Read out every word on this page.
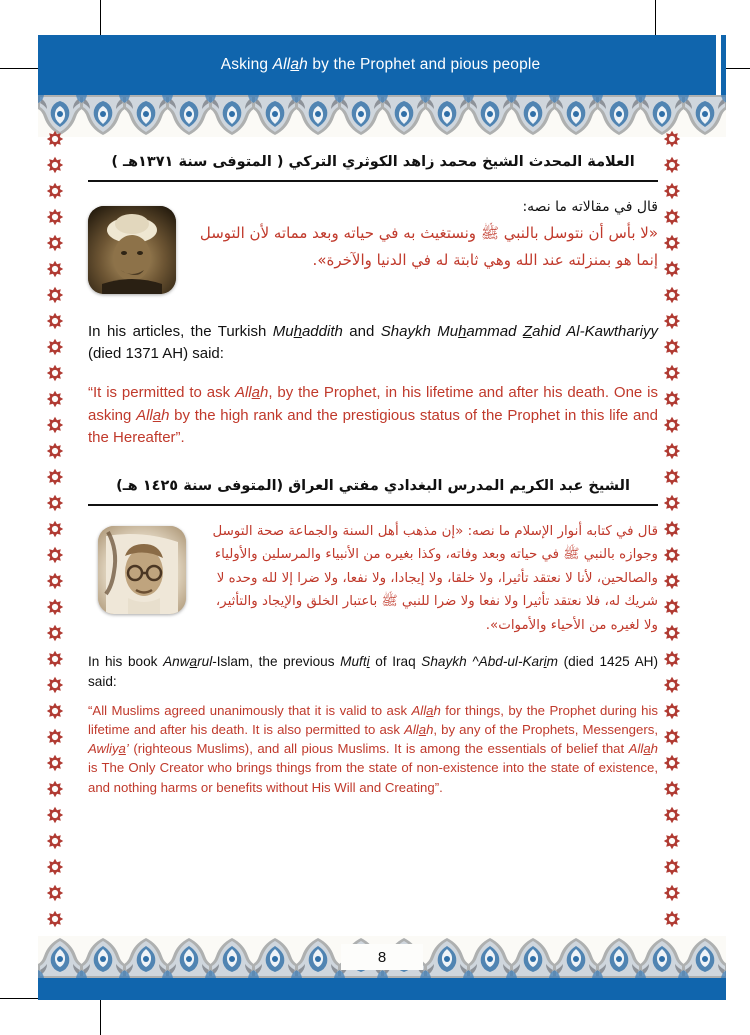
Asking Allah by the Prophet and pious people
العلامة المحدث الشيخ محمد زاهد الكوثري التركي ( المتوفى سنة ١٣٧١هـ )
قال في مقالاته ما نصه:
«لا بأس أن نتوسل بالنبي ﷺ ونستغيث به في حياته وبعد مماته لأن التوسل إنما هو بمنزلته عند الله وهي ثابتة له في الدنيا والآخرة».
In his articles, the Turkish Muhaddith and Shaykh Muhammad Zahid Al-Kawthariyy (died 1371 AH) said:
“It is permitted to ask Allah, by the Prophet, in his lifetime and after his death. One is asking Allah by the high rank and the prestigious status of the Prophet in this life and the Hereafter”.
الشيخ عبد الكريم المدرس البغدادي مفتي العراق (المتوفى سنة ١٤٢٥ هـ)
قال في كتابه أنوار الإسلام ما نصه: «إن مذهب أهل السنة والجماعة صحة التوسل وجوازه بالنبي ﷺ في حياته وبعد وفاته، وكذا بغيره من الأنبياء والمرسلين والأولياء والصالحين، لأنا لا نعتقد تأثيرا، ولا خلقا، ولا إيجادا، ولا نفعا، ولا ضرا إلا لله وحده لا شريك له، فلا نعتقد تأثيرا ولا نفعا ولا ضرا للنبي ﷺ باعتبار الخلق والإيجاد والتأثير، ولا لغيره من الأحياء والأموات».
In his book Anwarul-Islam, the previous Mufti of Iraq Shaykh ^Abd-ul-Karim (died 1425 AH) said:
“All Muslims agreed unanimously that it is valid to ask Allah for things, by the Prophet during his lifetime and after his death. It is also permitted to ask Allah, by any of the Prophets, Messengers, Awliya’ (righteous Muslims), and all pious Muslims. It is among the essentials of belief that Allah is The Only Creator who brings things from the state of non-existence into the state of existence, and nothing harms or benefits without His Will and Creating”.
8
